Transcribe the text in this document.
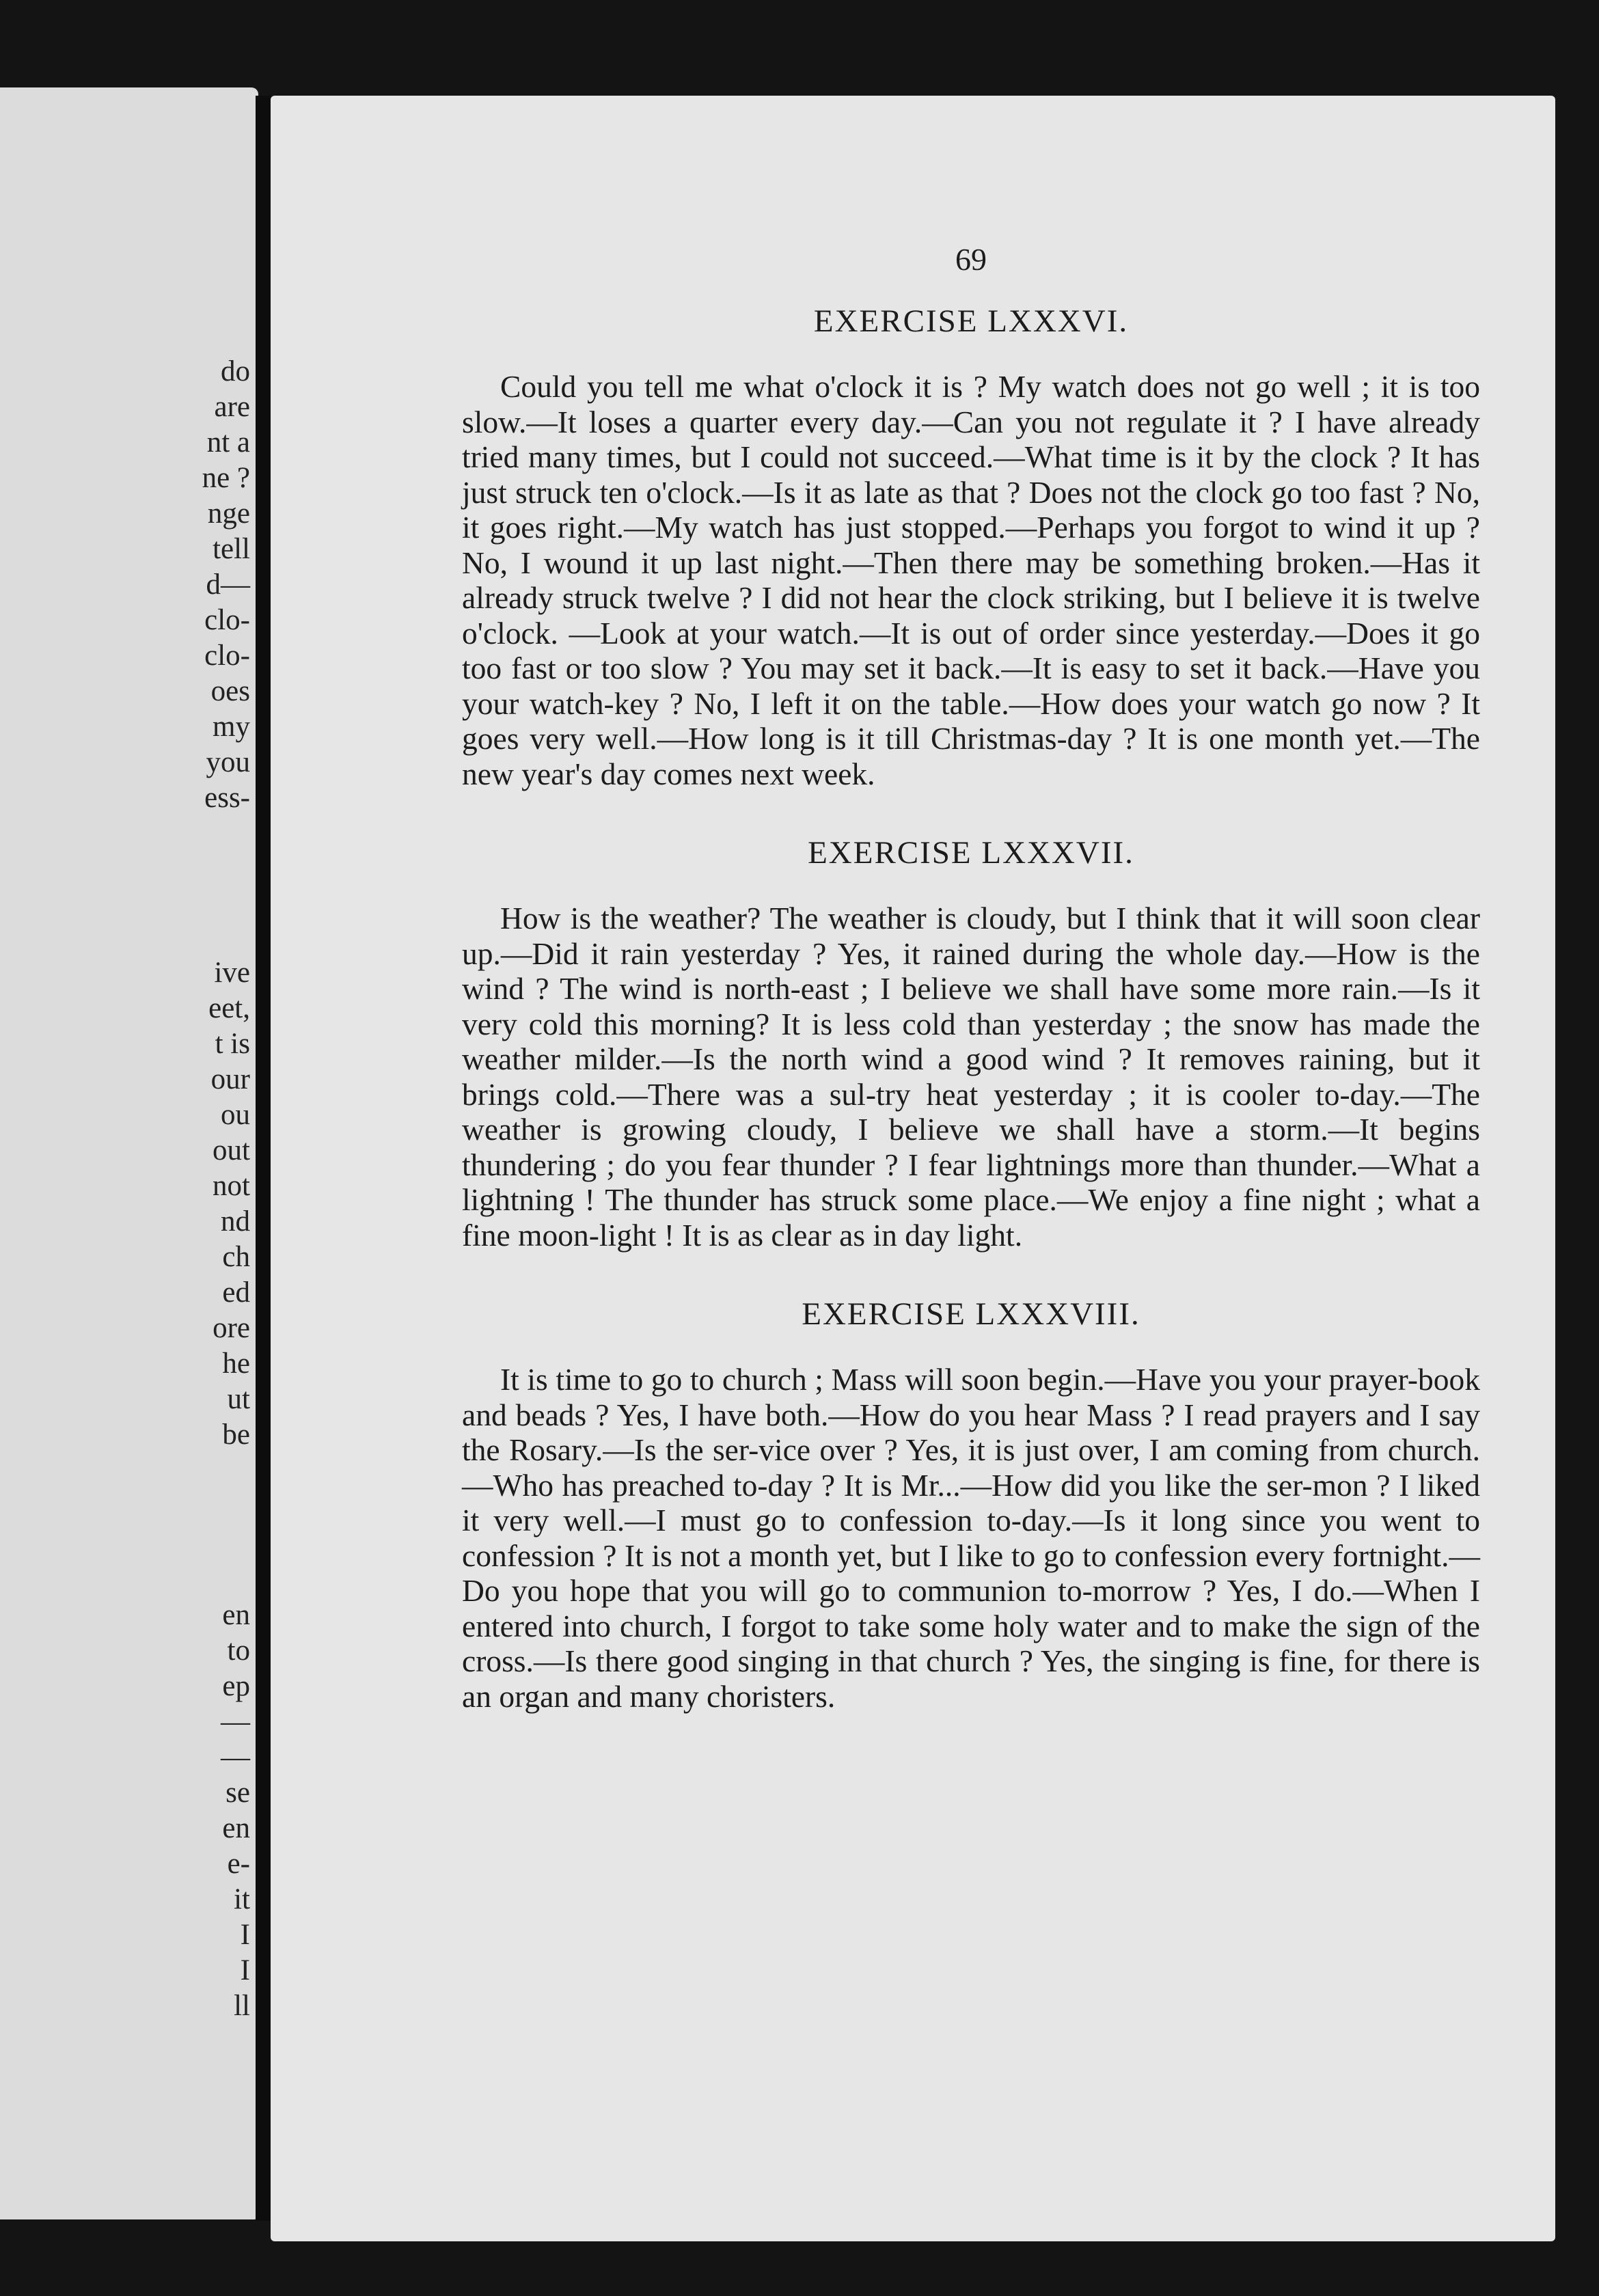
do
are
nt a
ne ?
nge
tell
d—
clo-
clo-
oes
my
you
ess-
ive
eet,
t is
our
ou
out
not
nd
ch
ed
ore
he
ut
be
en
to
ep
—
—
se
en
e-
it
I
I
ll
69
EXERCISE LXXXVI.

Could you tell me what o'clock it is ? My watch does not go well ; it is too slow.—It loses a quarter every day.—Can you not regulate it ? I have already tried many times, but I could not succeed.—What time is it by the clock ? It has just struck ten o'clock.—Is it as late as that ? Does not the clock go too fast ? No, it goes right.—My watch has just stopped.—Perhaps you forgot to wind it up ? No, I wound it up last night.—Then there may be something broken.—Has it already struck twelve ? I did not hear the clock striking, but I believe it is twelve o'clock. —Look at your watch.—It is out of order since yesterday.—Does it go too fast or too slow ? You may set it back.—It is easy to set it back.—Have you your watch-key ? No, I left it on the table.—How does your watch go now ? It goes very well.—How long is it till Christmas-day ? It is one month yet.—The new year's day comes next week.

EXERCISE LXXXVII.

How is the weather? The weather is cloudy, but I think that it will soon clear up.—Did it rain yesterday ? Yes, it rained during the whole day.—How is the wind ? The wind is north-east ; I believe we shall have some more rain.—Is it very cold this morning? It is less cold than yesterday ; the snow has made the weather milder.—Is the north wind a good wind ? It removes raining, but it brings cold.—There was a sul-try heat yesterday ; it is cooler to-day.—The weather is growing cloudy, I believe we shall have a storm.—It begins thundering ; do you fear thunder ? I fear lightnings more than thunder.—What a lightning ! The thunder has struck some place.—We enjoy a fine night ; what a fine moon-light ! It is as clear as in day light.

EXERCISE LXXXVIII.

It is time to go to church ; Mass will soon begin.—Have you your prayer-book and beads ? Yes, I have both.—How do you hear Mass ? I read prayers and I say the Rosary.—Is the ser-vice over ? Yes, it is just over, I am coming from church.—Who has preached to-day ? It is Mr...—How did you like the ser-mon ? I liked it very well.—I must go to confession to-day.—Is it long since you went to confession ? It is not a month yet, but I like to go to confession every fortnight.—Do you hope that you will go to communion to-morrow ? Yes, I do.—When I entered into church, I forgot to take some holy water and to make the sign of the cross.—Is there good singing in that church ? Yes, the singing is fine, for there is an organ and many choristers.
